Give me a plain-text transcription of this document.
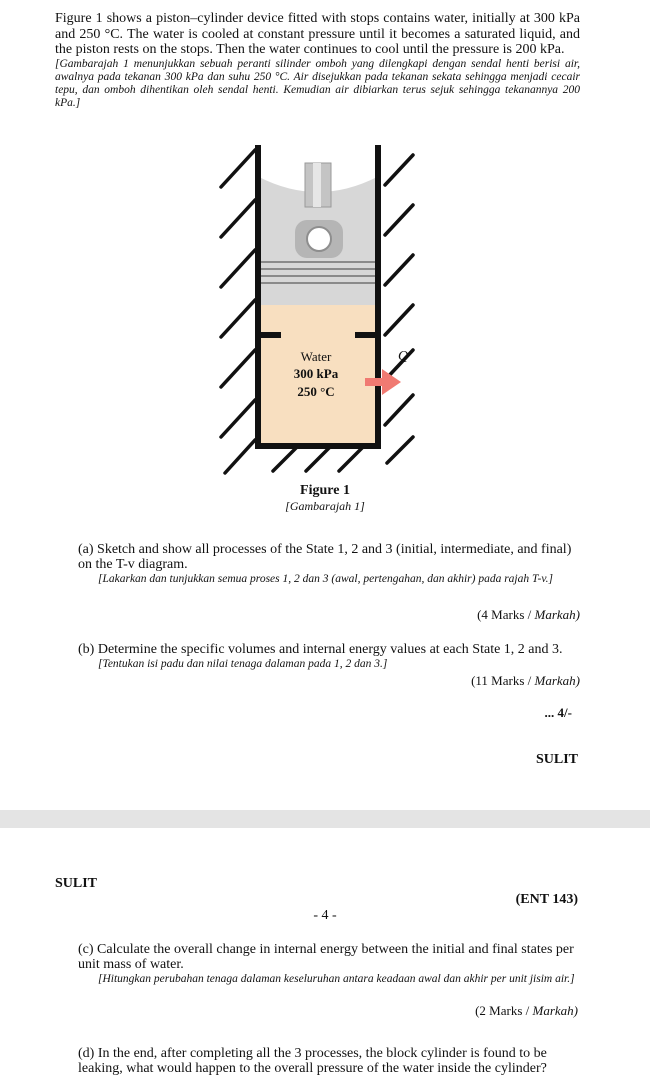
Figure 1 shows a piston–cylinder device fitted with stops contains water, initially at 300 kPa and 250 °C. The water is cooled at constant pressure until it becomes a saturated liquid, and the piston rests on the stops. Then the water continues to cool until the pressure is 200 kPa.
[Gambarajah 1 menunjukkan sebuah peranti silinder omboh yang dilengkapi dengan sendal henti berisi air, awalnya pada tekanan 300 kPa dan suhu 250 °C. Air disejukkan pada tekanan sekata sehingga menjadi cecair tepu, dan omboh dihentikan oleh sendal henti. Kemudian air dibiarkan terus sejuk sehingga tekanannya 200 kPa.]
Water
300 kPa
250 °C
Q
Figure 1
[Gambarajah 1]
(a) Sketch and show all processes of the State 1, 2 and 3 (initial, intermediate, and final) on the T-v diagram.
[Lakarkan dan tunjukkan semua proses 1, 2 dan 3 (awal, pertengahan, dan akhir) pada rajah T-v.]
(4 Marks / Markah)
(b) Determine the specific volumes and internal energy values at each State 1, 2 and 3.
[Tentukan isi padu dan nilai tenaga dalaman pada 1, 2 dan 3.]
(11 Marks / Markah)
... 4/-
SULIT
SULIT
(ENT 143)
- 4 -
(c) Calculate the overall change in internal energy between the initial and final states per unit mass of water.
[Hitungkan perubahan tenaga dalaman keseluruhan antara keadaan awal dan akhir per unit jisim air.]
(2 Marks / Markah)
(d) In the end, after completing all the 3 processes, the block cylinder is found to be leaking, what would happen to the overall pressure of the water inside the cylinder?
